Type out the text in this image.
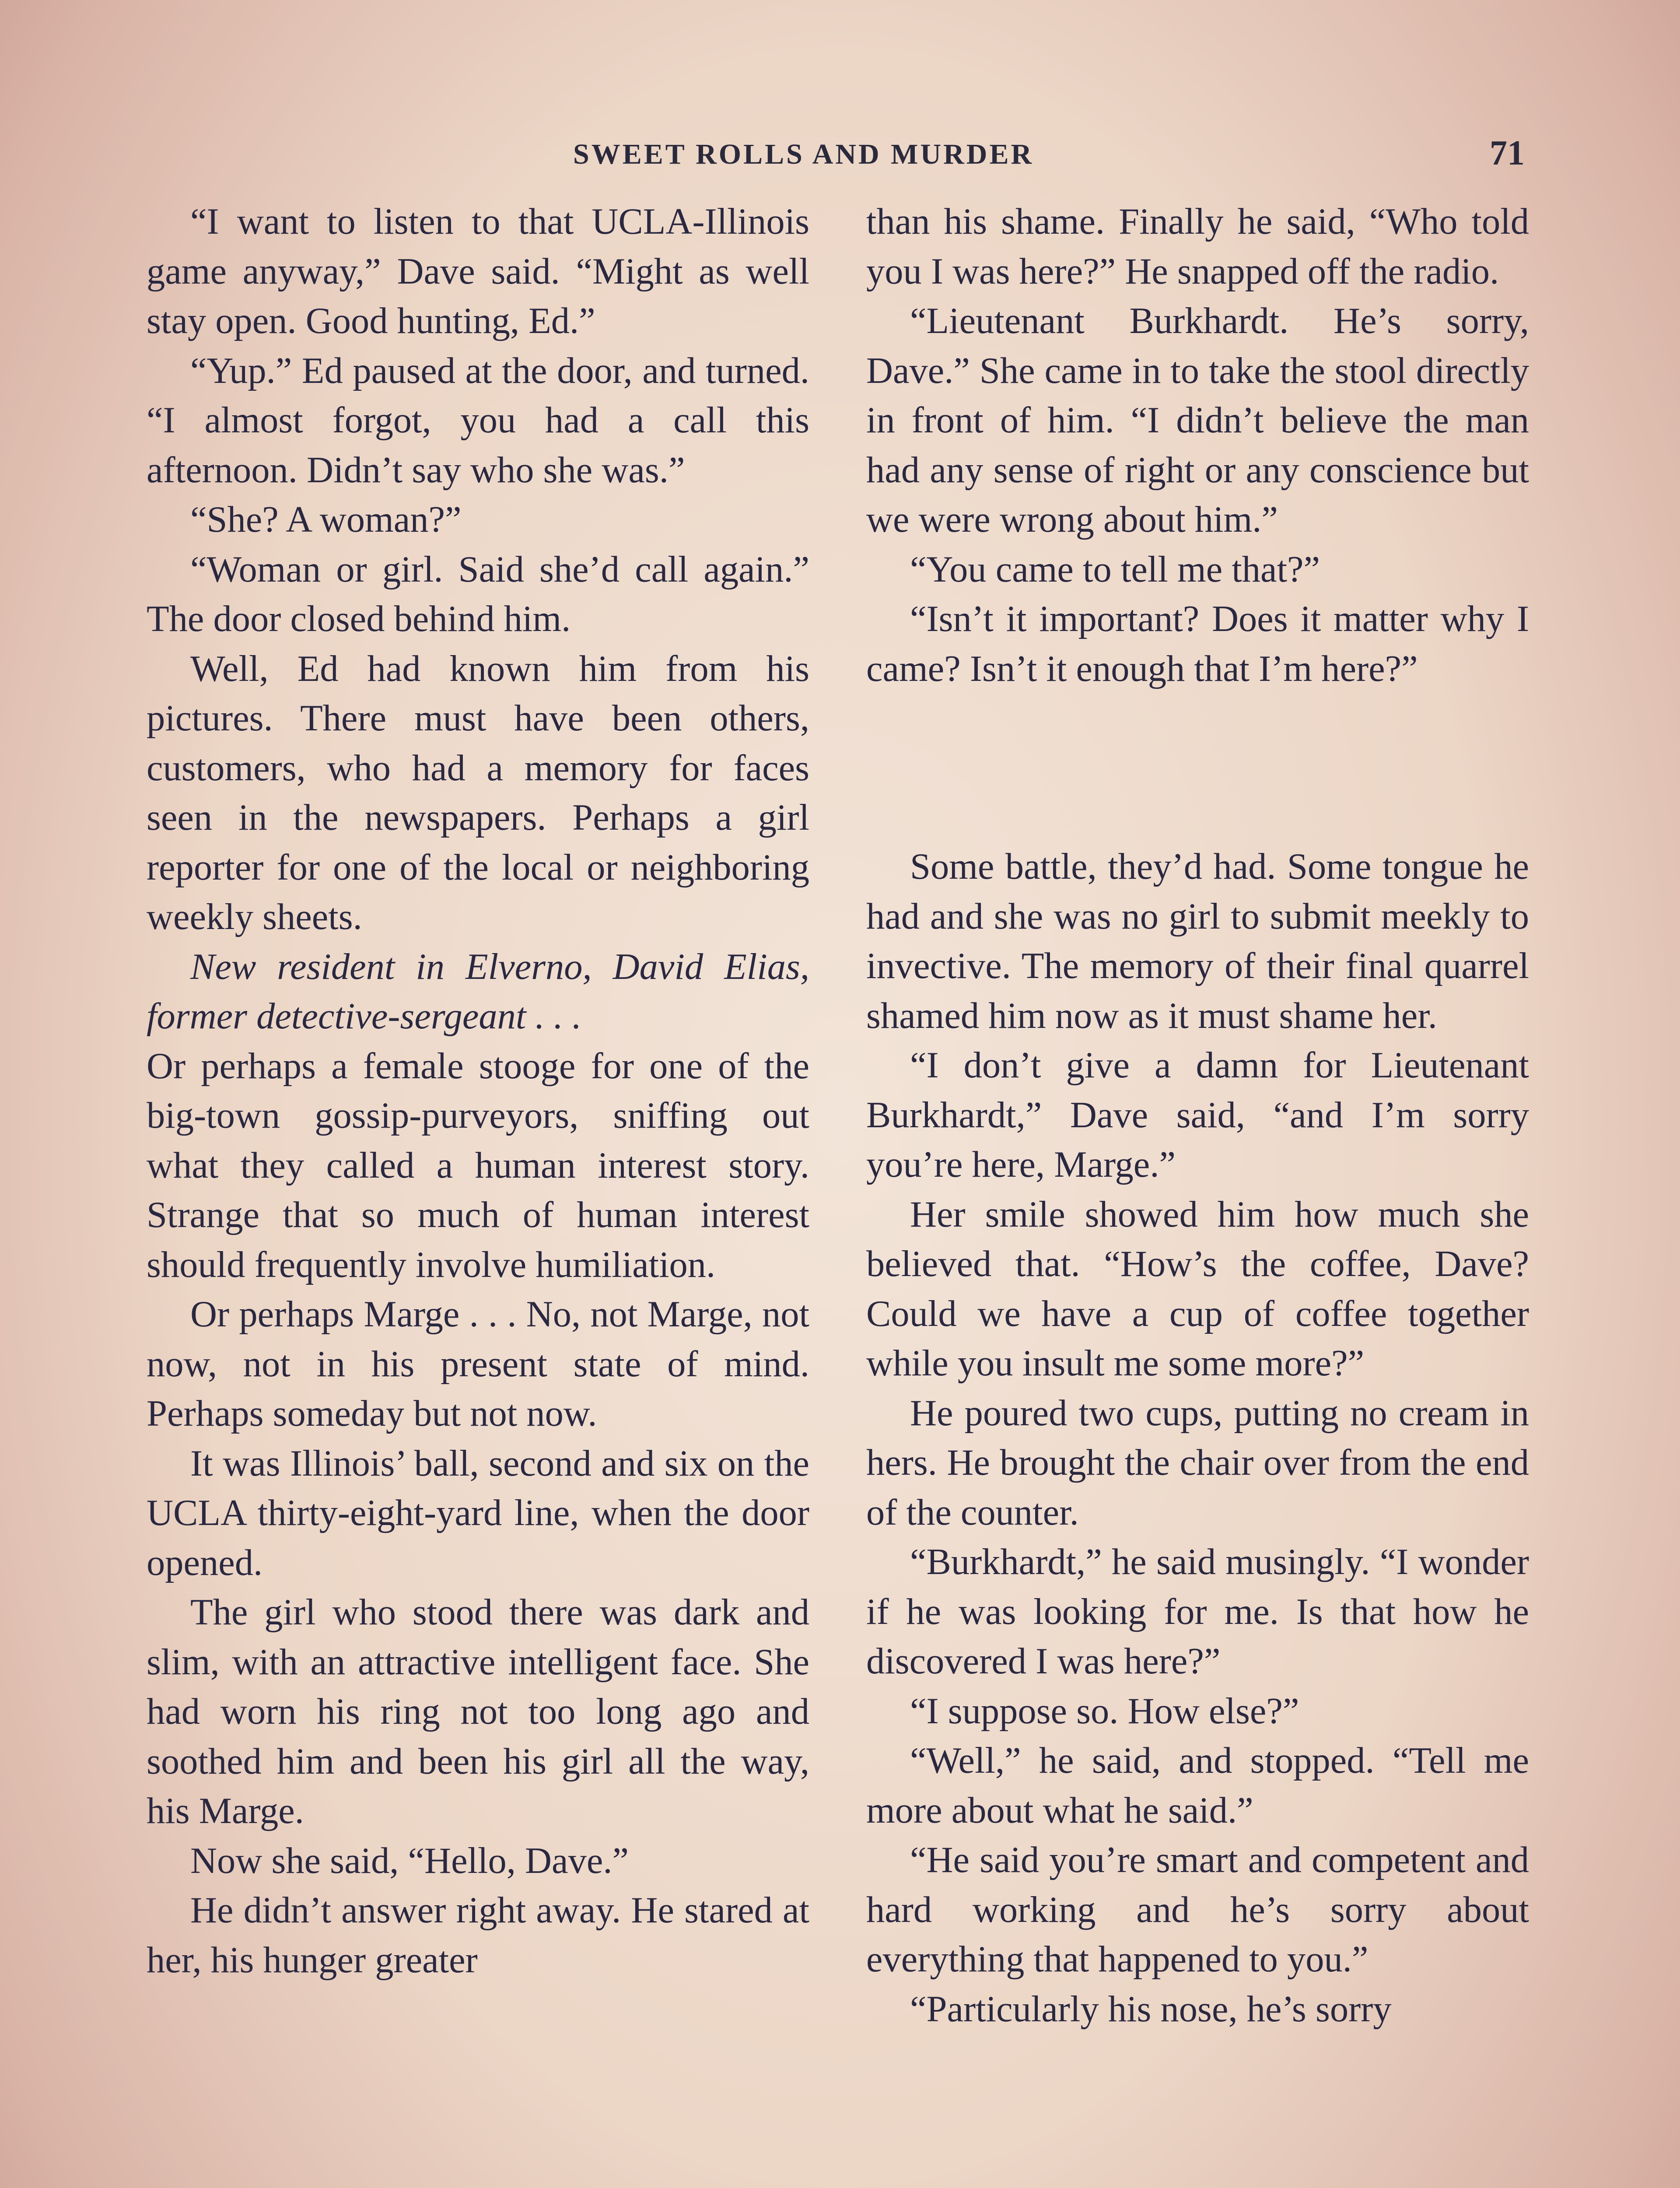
SWEET ROLLS AND MURDER	71

“I want to listen to that UCLA-Illinois game anyway,” Dave said. “Might as well stay open. Good hunting, Ed.”

“Yup.” Ed paused at the door, and turned. “I almost forgot, you had a call this afternoon. Didn’t say who she was.”

“She? A woman?”

“Woman or girl. Said she’d call again.” The door closed behind him.

Well, Ed had known him from his pictures. There must have been others, customers, who had a memory for faces seen in the newspapers. Perhaps a girl reporter for one of the local or neighboring weekly sheets.

New resident in Elverno, David Elias, former detective-sergeant . . .

Or perhaps a female stooge for one of the big-town gossip-purveyors, sniffing out what they called a human interest story. Strange that so much of human interest should frequently involve humiliation.

Or perhaps Marge . . . No, not Marge, not now, not in his present state of mind. Perhaps someday but not now.

It was Illinois’ ball, second and six on the UCLA thirty-eight-yard line, when the door opened.

The girl who stood there was dark and slim, with an attractive intelligent face. She had worn his ring not too long ago and soothed him and been his girl all the way, his Marge.

Now she said, “Hello, Dave.”

He didn’t answer right away. He stared at her, his hunger greater

than his shame. Finally he said, “Who told you I was here?” He snapped off the radio.

“Lieutenant Burkhardt. He’s sorry, Dave.” She came in to take the stool directly in front of him. “I didn’t believe the man had any sense of right or any conscience but we were wrong about him.”

“You came to tell me that?”

“Isn’t it important? Does it matter why I came? Isn’t it enough that I’m here?”

Some battle, they’d had. Some tongue he had and she was no girl to submit meekly to invective. The memory of their final quarrel shamed him now as it must shame her.

“I don’t give a damn for Lieutenant Burkhardt,” Dave said, “and I’m sorry you’re here, Marge.”

Her smile showed him how much she believed that. “How’s the coffee, Dave? Could we have a cup of coffee together while you insult me some more?”

He poured two cups, putting no cream in hers. He brought the chair over from the end of the counter.

“Burkhardt,” he said musingly. “I wonder if he was looking for me. Is that how he discovered I was here?”

“I suppose so. How else?”

“Well,” he said, and stopped. “Tell me more about what he said.”

“He said you’re smart and competent and hard working and he’s sorry about everything that happened to you.”

“Particularly his nose, he’s sorry
